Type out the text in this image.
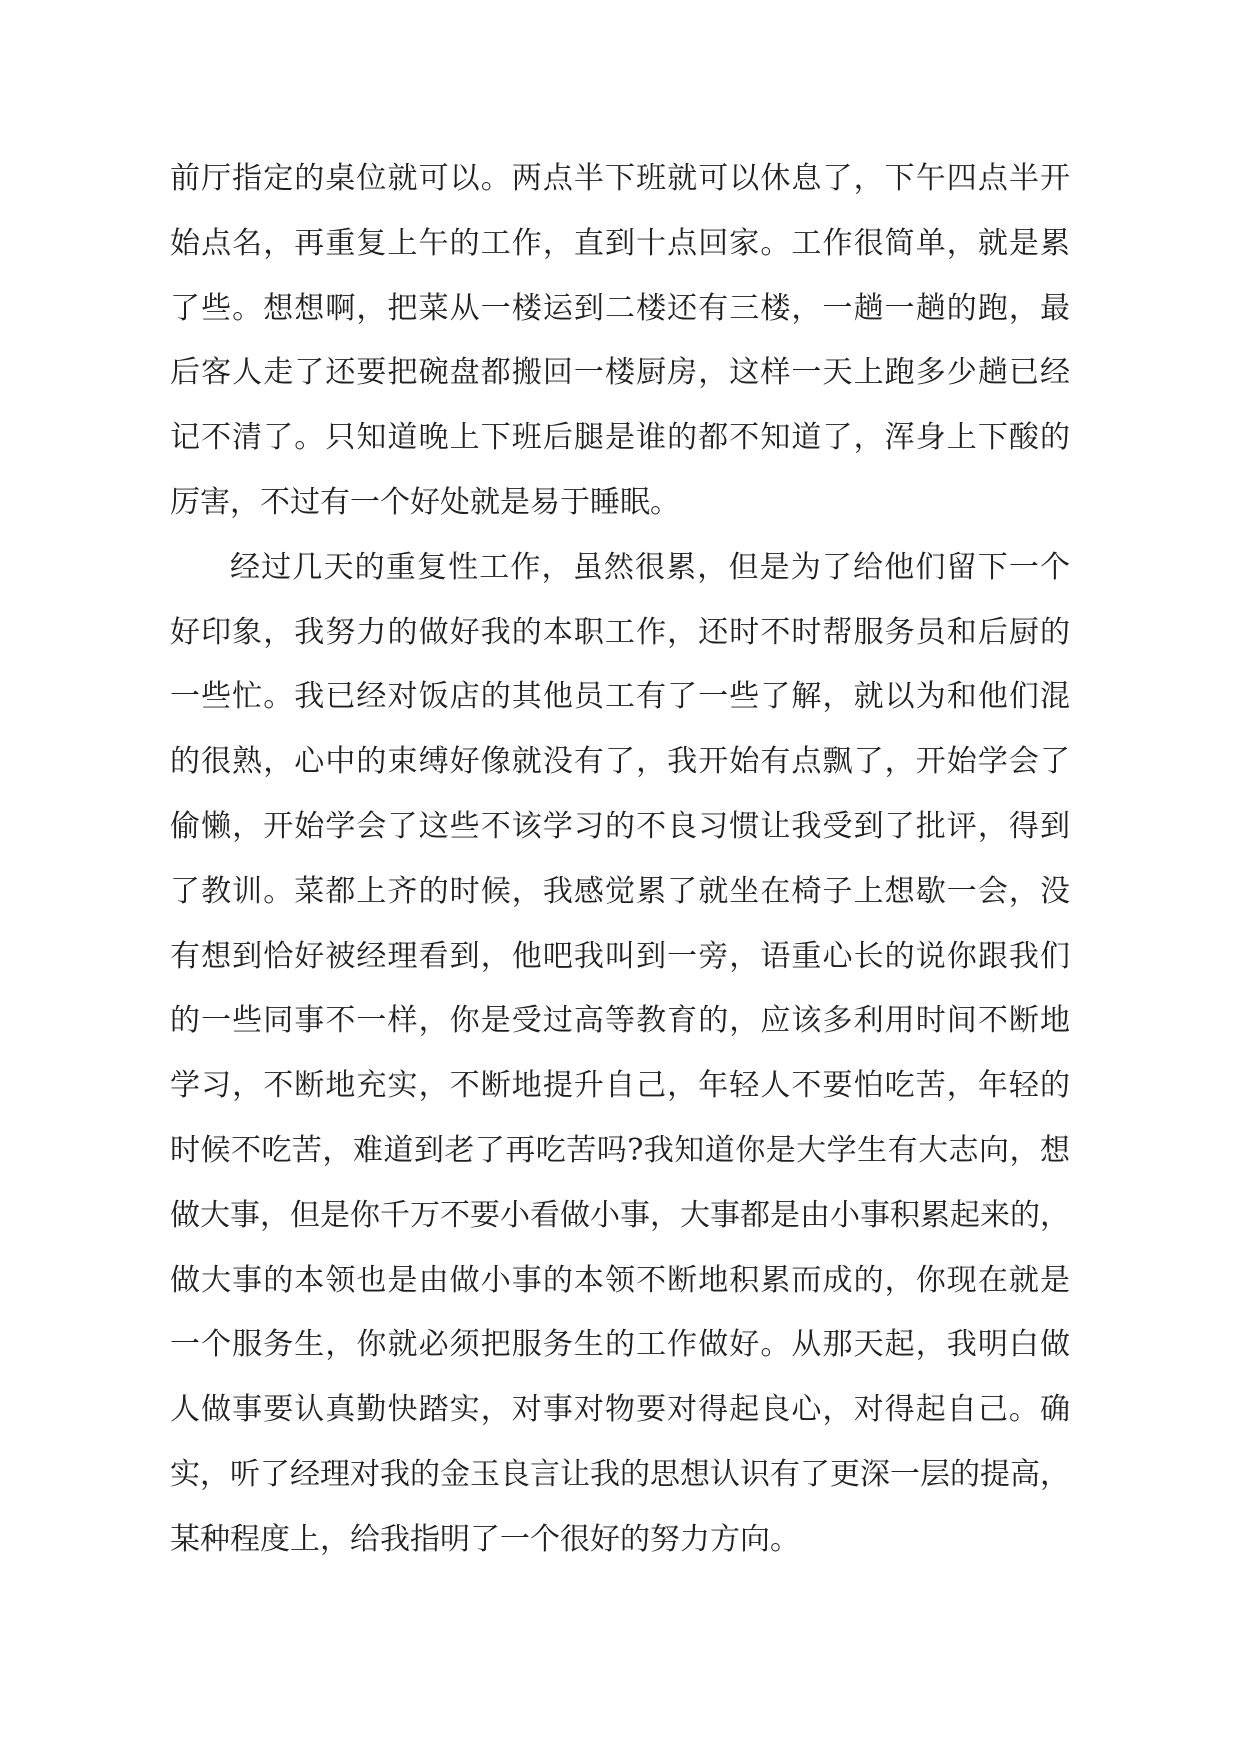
前厅指定的桌位就可以。两点半下班就可以休息了，下午四点半开
始点名，再重复上午的工作，直到十点回家。工作很简单，就是累
了些。想想啊，把菜从一楼运到二楼还有三楼，一趟一趟的跑，最
后客人走了还要把碗盘都搬回一楼厨房，这样一天上跑多少趟已经
记不清了。只知道晚上下班后腿是谁的都不知道了，浑身上下酸的
厉害，不过有一个好处就是易于睡眠。
经过几天的重复性工作，虽然很累，但是为了给他们留下一个
好印象，我努力的做好我的本职工作，还时不时帮服务员和后厨的
一些忙。我已经对饭店的其他员工有了一些了解，就以为和他们混
的很熟，心中的束缚好像就没有了，我开始有点飘了，开始学会了
偷懒，开始学会了这些不该学习的不良习惯让我受到了批评，得到
了教训。菜都上齐的时候，我感觉累了就坐在椅子上想歇一会，没
有想到恰好被经理看到，他吧我叫到一旁，语重心长的说你跟我们
的一些同事不一样，你是受过高等教育的，应该多利用时间不断地
学习，不断地充实，不断地提升自己，年轻人不要怕吃苦，年轻的
时候不吃苦，难道到老了再吃苦吗?我知道你是大学生有大志向，想
做大事，但是你千万不要小看做小事，大事都是由小事积累起来的，
做大事的本领也是由做小事的本领不断地积累而成的，你现在就是
一个服务生，你就必须把服务生的工作做好。从那天起，我明白做
人做事要认真勤快踏实，对事对物要对得起良心，对得起自己。确
实，听了经理对我的金玉良言让我的思想认识有了更深一层的提高，
某种程度上，给我指明了一个很好的努力方向。
